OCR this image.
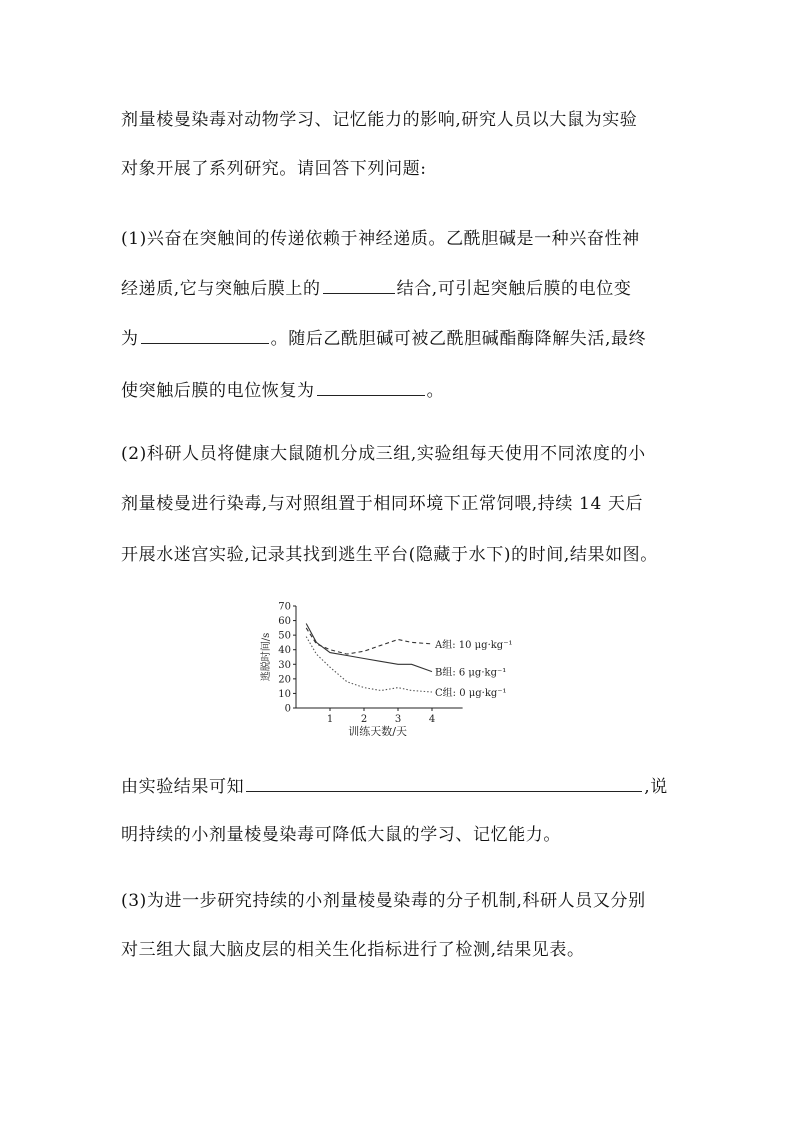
剂量棱曼染毒对动物学习、记忆能力的影响,研究人员以大鼠为实验
对象开展了系列研究。请回答下列问题:
(1)兴奋在突触间的传递依赖于神经递质。乙酰胆碱是一种兴奋性神
经递质,它与突触后膜上的	结合,可引起突触后膜的电位变
为	。随后乙酰胆碱可被乙酰胆碱酯酶降解失活,最终
使突触后膜的电位恢复为	。
(2)科研人员将健康大鼠随机分成三组,实验组每天使用不同浓度的小
剂量棱曼进行染毒,与对照组置于相同环境下正常饲喂,持续 14 天后
开展水迷宫实验,记录其找到逃生平台(隐藏于水下)的时间,结果如图。
0
10
20
30
40
50
60
70
1	2	3	4
训练天数/天
逃脱时间/s	A组: 10 μg·kg⁻¹
B组: 6 μg·kg⁻¹
C组: 0 μg·kg⁻¹
由实验结果可知	,说
明持续的小剂量棱曼染毒可降低大鼠的学习、记忆能力。
(3)为进一步研究持续的小剂量棱曼染毒的分子机制,科研人员又分别
对三组大鼠大脑皮层的相关生化指标进行了检测,结果见表。
